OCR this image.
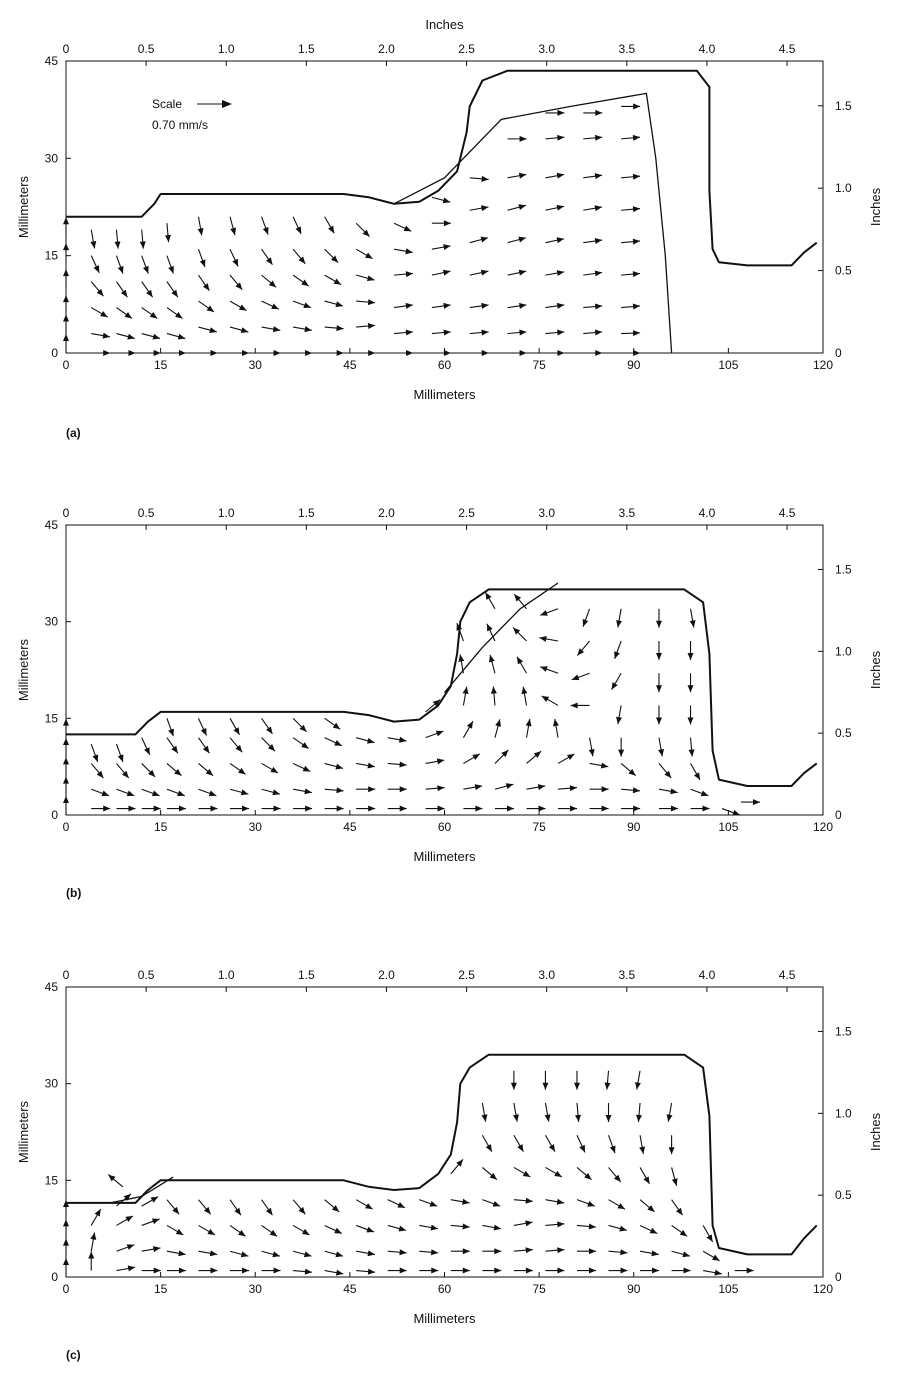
0	15	30	45	60	75	90	105	120
0	0.5	1.0	1.5	2.0	2.5	3.0	3.5	4.0	4.5
0
15
30
45
0
0.5
1.0
1.5
Millimeters
Inches
Millimeters	Inches
(a)
Scale
0.70 mm/s
0	15	30	45	60	75	90	105	120
0	0.5	1.0	1.5	2.0	2.5	3.0	3.5	4.0	4.5
0
15
30
45
0
0.5
1.0
1.5
Millimeters
Millimeters	Inches
(b)
0	15	30	45	60	75	90	105	120
0	0.5	1.0	1.5	2.0	2.5	3.0	3.5	4.0	4.5
0
15
30
45
0
0.5
1.0
1.5
Millimeters
Millimeters	Inches
(c)
